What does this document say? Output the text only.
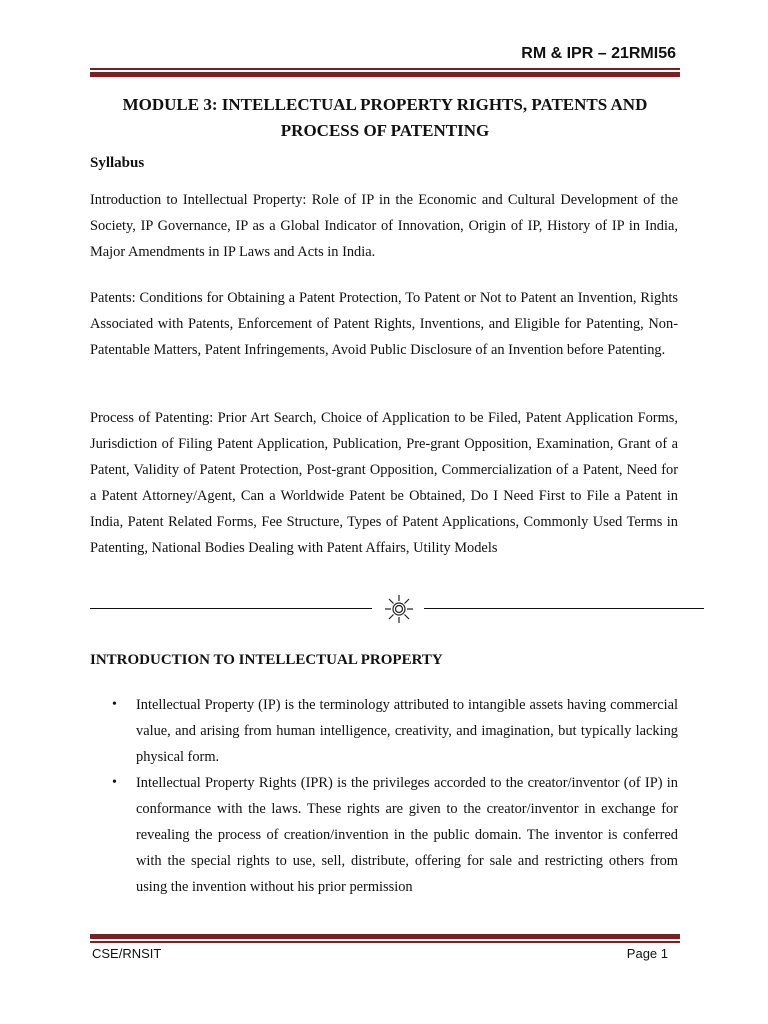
RM & IPR – 21RMI56

MODULE 3: INTELLECTUAL PROPERTY RIGHTS, PATENTS AND
PROCESS OF PATENTING
Syllabus

Introduction to Intellectual Property: Role of IP in the Economic and Cultural Development of the Society, IP Governance, IP as a Global Indicator of Innovation, Origin of IP, History of IP in India, Major Amendments in IP Laws and Acts in India.

Patents: Conditions for Obtaining a Patent Protection, To Patent or Not to Patent an Invention, Rights Associated with Patents, Enforcement of Patent Rights, Inventions, and Eligible for Patenting, Non-Patentable Matters, Patent Infringements, Avoid Public Disclosure of an Invention before Patenting.

Process of Patenting: Prior Art Search, Choice of Application to be Filed, Patent Application Forms, Jurisdiction of Filing Patent Application, Publication, Pre-grant Opposition, Examination, Grant of a Patent, Validity of Patent Protection, Post-grant Opposition, Commercialization of a Patent, Need for a Patent Attorney/Agent, Can a Worldwide Patent be Obtained, Do I Need First to File a Patent in India, Patent Related Forms, Fee Structure, Types of Patent Applications, Commonly Used Terms in Patenting, National Bodies Dealing with Patent Affairs, Utility Models

INTRODUCTION TO INTELLECTUAL PROPERTY
• Intellectual Property (IP) is the terminology attributed to intangible assets having commercial value, and arising from human intelligence, creativity, and imagination, but typically lacking physical form.
• Intellectual Property Rights (IPR) is the privileges accorded to the creator/inventor (of IP) in conformance with the laws. These rights are given to the creator/inventor in exchange for revealing the process of creation/invention in the public domain. The inventor is conferred with the special rights to use, sell, distribute, offering for sale and restricting others from using the invention without his prior permission

CSE/RNSIT	Page 1
